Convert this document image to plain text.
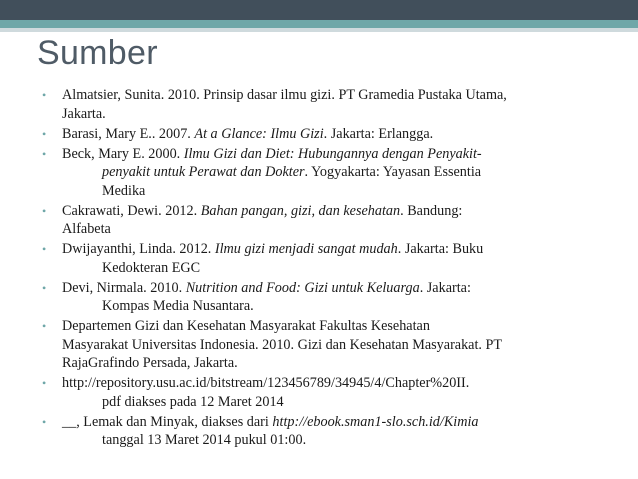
Sumber
• Almatsier, Sunita. 2010. Prinsip dasar ilmu gizi. PT Gramedia Pustaka Utama,
Jakarta.
• Barasi, Mary E.. 2007. At a Glance: Ilmu Gizi. Jakarta: Erlangga.
• Beck, Mary E. 2000. Ilmu Gizi dan Diet: Hubungannya dengan Penyakit-
penyakit untuk Perawat dan Dokter. Yogyakarta: Yayasan Essentia
Medika
• Cakrawati, Dewi. 2012. Bahan pangan, gizi, dan kesehatan. Bandung:
Alfabeta
• Dwijayanthi, Linda. 2012. Ilmu gizi menjadi sangat mudah. Jakarta: Buku
Kedokteran EGC
• Devi, Nirmala. 2010. Nutrition and Food: Gizi untuk Keluarga. Jakarta:
Kompas Media Nusantara.
• Departemen Gizi dan Kesehatan Masyarakat Fakultas Kesehatan
Masyarakat Universitas Indonesia. 2010. Gizi dan Kesehatan Masyarakat. PT
RajaGrafindo Persada, Jakarta.
• http://repository.usu.ac.id/bitstream/123456789/34945/4/Chapter%20II.
pdf diakses pada 12 Maret 2014
• __, Lemak dan Minyak, diakses dari http://ebook.sman1-slo.sch.id/Kimia
tanggal 13 Maret 2014 pukul 01:00.
